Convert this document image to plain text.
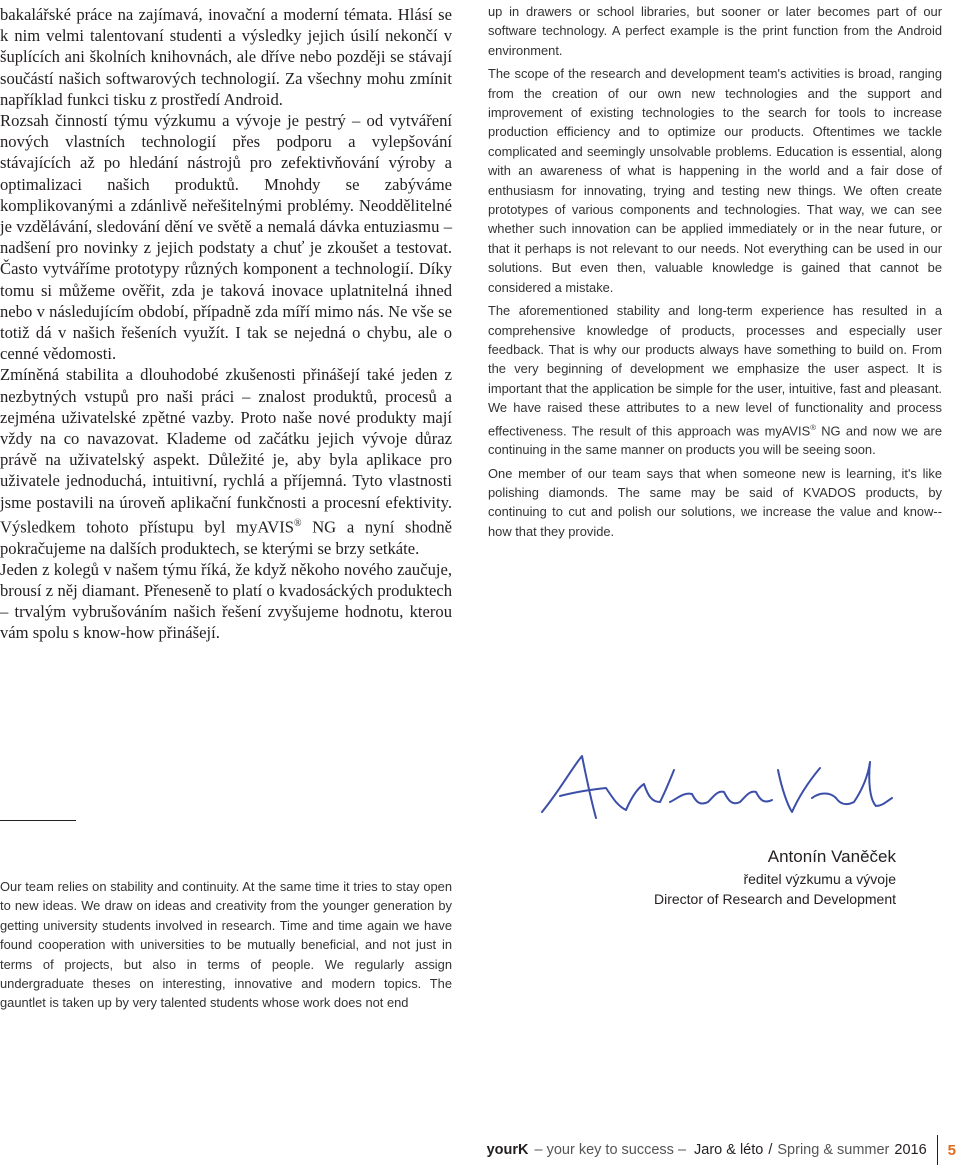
bakalářské práce na zajímavá, inovační a moderní témata. Hlásí se k nim velmi talentovaní studenti a výsledky jejich úsilí nekončí v šuplících ani školních knihovnách, ale dříve nebo později se stávají součástí našich softwarových technologií. Za všechny mohu zmínit například funkci tisku z prostředí Android.

Rozsah činností týmu výzkumu a vývoje je pestrý – od vytváření nových vlastních technologií přes podporu a vylepšování stávajících až po hledání nástrojů pro zefektivňování výroby a optimalizaci našich produktů. Mnohdy se zabýváme komplikovanými a zdánlivě neřešitelnými problémy. Neoddělitelné je vzdělávání, sledování dění ve světě a nemalá dávka entuziasmu – nadšení pro novinky z jejich podstaty a chuť je zkoušet a testovat. Často vytváříme prototypy různých komponent a technologií. Díky tomu si můžeme ověřit, zda je taková inovace uplatnitelná ihned nebo v následujícím období, případně zda míří mimo nás. Ne vše se totiž dá v našich řešeních využít. I tak se nejedná o chybu, ale o cenné vědomosti.

Zmíněná stabilita a dlouhodobé zkušenosti přinášejí také jeden z nezbytných vstupů pro naši práci – znalost produktů, procesů a zejména uživatelské zpětné vazby. Proto naše nové produkty mají vždy na co navazovat. Klademe od začátku jejich vývoje důraz právě na uživatelský aspekt. Důležité je, aby byla aplikace pro uživatele jednoduchá, intuitivní, rychlá a příjemná. Tyto vlastnosti jsme postavili na úroveň aplikační funkčnosti a procesní efektivity. Výsledkem tohoto přístupu byl myAVIS® NG a nyní shodně pokračujeme na dalších produktech, se kterými se brzy setkáte.

Jeden z kolegů v našem týmu říká, že když někoho nového zaučuje, brousí z něj diamant. Přeneseně to platí o kvadosáckých produktech – trvalým vybrušováním našich řešení zvyšujeme hodnotu, kterou vám spolu s know-how přinášejí.

up in drawers or school libraries, but sooner or later becomes part of our software technology. A perfect example is the print function from the Android environment.

The scope of the research and development team's activities is broad, ranging from the creation of our own new technologies and the support and improvement of existing technologies to the search for tools to increase production efficiency and to optimize our products. Oftentimes we tackle complicated and seemingly unsolvable problems. Education is essential, along with an awareness of what is happening in the world and a fair dose of enthusiasm for innovating, trying and testing new things. We often create prototypes of various components and technologies. That way, we can see whether such innovation can be applied immediately or in the near future, or that it perhaps is not relevant to our needs. Not everything can be used in our solutions. But even then, valuable knowledge is gained that cannot be considered a mistake.

The aforementioned stability and long-term experience has resulted in a comprehensive knowledge of products, processes and especially user feedback. That is why our products always have something to build on. From the very beginning of development we emphasize the user aspect. It is important that the application be simple for the user, intuitive, fast and pleasant. We have raised these attributes to a new level of functionality and process effectiveness. The result of this approach was myAVIS® NG and now we are continuing in the same manner on products you will be seeing soon.

One member of our team says that when someone new is learning, it's like polishing diamonds. The same may be said of KVADOS products, by continuing to cut and polish our solutions, we increase the value and know--how that they provide.

Our team relies on stability and continuity. At the same time it tries to stay open to new ideas. We draw on ideas and creativity from the younger generation by getting university students involved in research. Time and time again we have found cooperation with universities to be mutually beneficial, and not just in terms of projects, but also in terms of people. We regularly assign undergraduate theses on interesting, innovative and modern topics. The gauntlet is taken up by very talented students whose work does not end

Antonín Vaněček
ředitel výzkumu a vývoje
Director of Research and Development
yourK – your key to success – Jaro & léto / Spring & summer 2016 5
